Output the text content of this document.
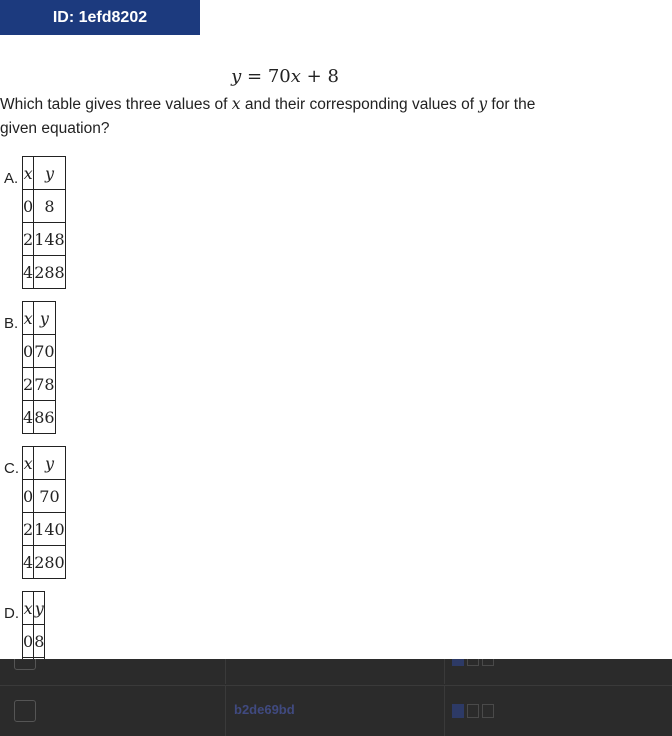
ID: 1efd8202
y = 70x + 8
Which table gives three values of x and their corresponding values of y for the given equation?
A. x	y
0	8
2	148
4	288
B. x	y
0	70
2	78
4	86
C. x	y
0	70
2	140
4	280
D. x	y
0	8

b2de69bd
